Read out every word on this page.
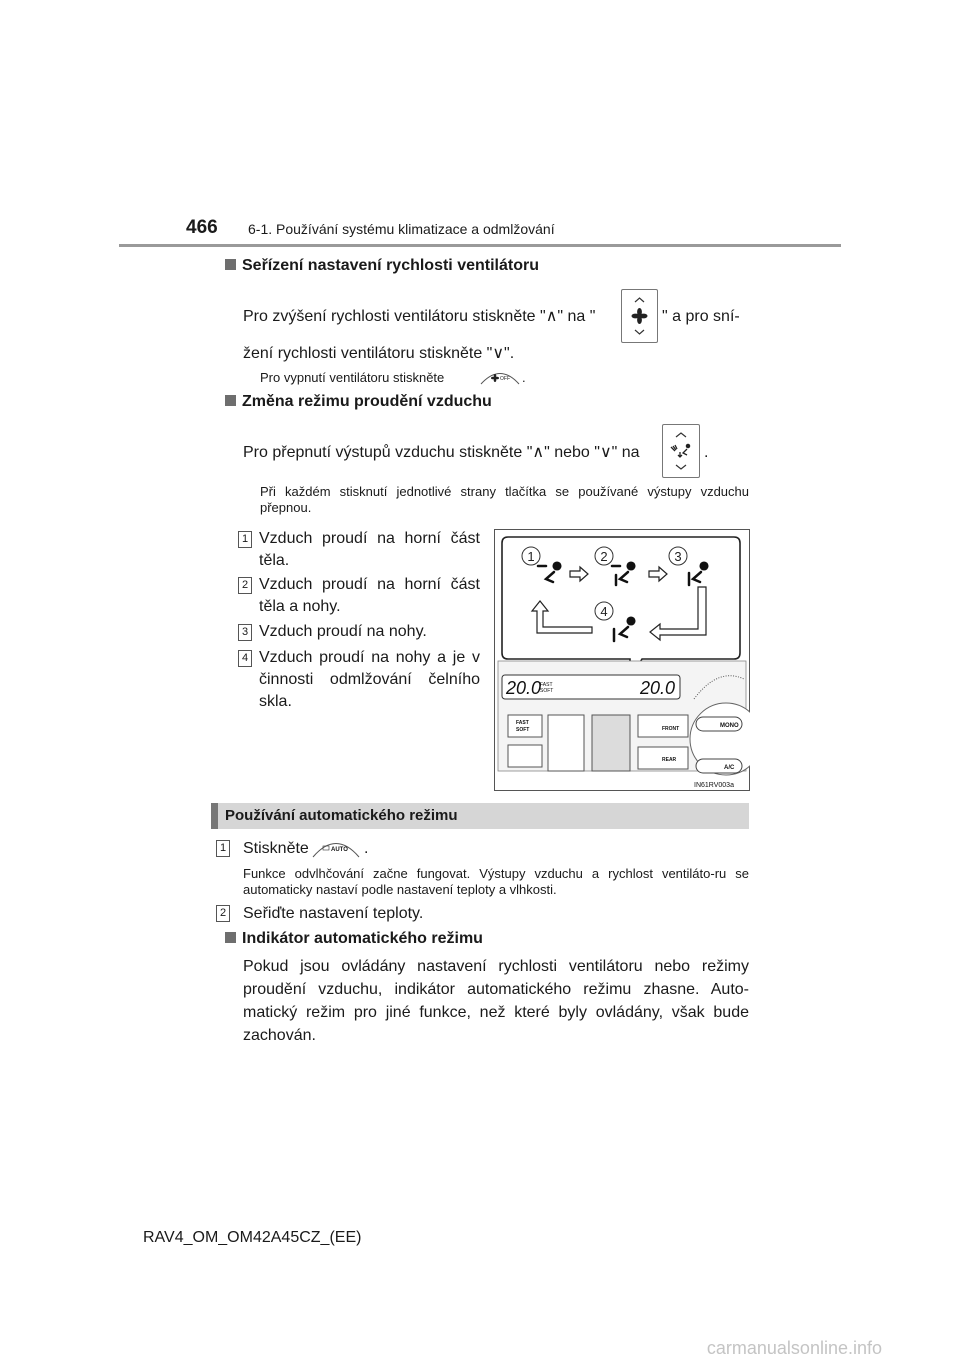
466 6-1. Používání systému klimatizace a odmlžování
Seřízení nastavení rychlosti ventilátoru
Pro zvýšení rychlosti ventilátoru stiskněte "∧" na "	" a pro sní-
žení rychlosti ventilátoru stiskněte "∨".
Pro vypnutí ventilátoru stiskněte	OFF .
Změna režimu proudění vzduchu
Pro přepnutí výstupů vzduchu stiskněte "∧" nebo "∨" na	.
Při každém stisknutí jednotlivé strany tlačítka se používané výstupy vzduchu přepnou.
1 Vzduch proudí na horní část těla.
2 Vzduch proudí na horní část těla a nohy.
3 Vzduch proudí na nohy.
4 Vzduch proudí na nohy a je v činnosti odmlžování čelního skla.
1	2	3
4
20.0	20.0
FAST
SOFT
MONO
A/C
FAST
SOFT	FRONT
REAR
IN61RV003a
Používání automatického režimu
1 Stiskněte	AUTO .
Funkce odvlhčování začne fungovat. Výstupy vzduchu a rychlost ventiláto-ru se automaticky nastaví podle nastavení teploty a vlhkosti.
2 Seřiďte nastavení teploty.
Indikátor automatického režimu
Pokud jsou ovládány nastavení rychlosti ventilátoru nebo režimy proudění vzduchu, indikátor automatického režimu zhasne. Auto-matický režim pro jiné funkce, než které byly ovládány, však bude zachován.
RAV4_OM_OM42A45CZ_(EE)
carmanualsonline.info
